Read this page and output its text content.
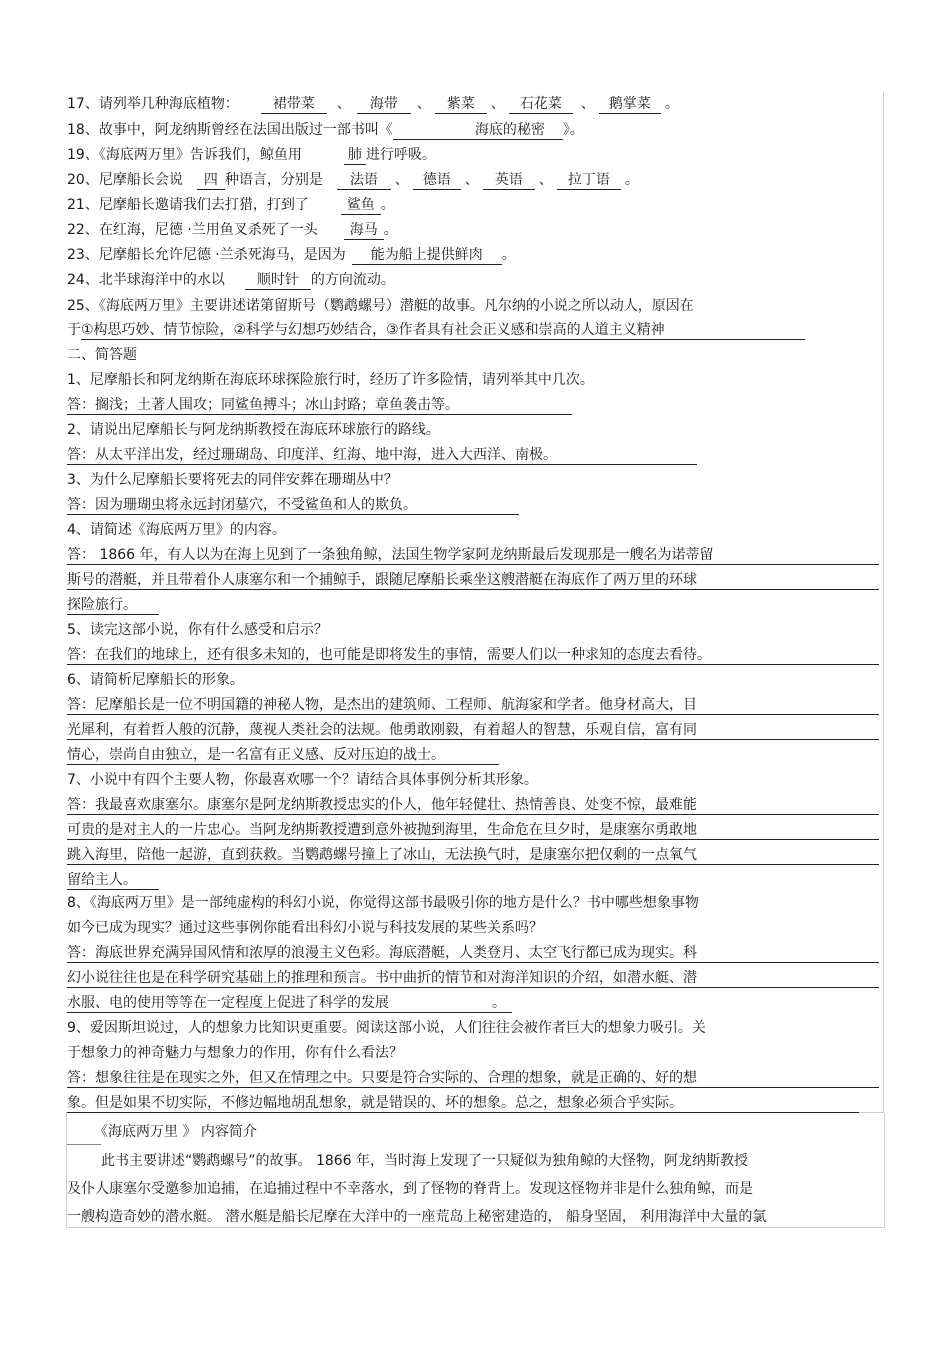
17、请列举几种海底植物： 裙带菜 、 海带 、 紫菜 、 石花菜 、 鹅掌菜 。
18、故事中，阿龙纳斯曾经在法国出版过一部书叫《	海底的秘密 》。
19、《海底两万里》告诉我们，鲸鱼用	肺 进行呼吸。
20、尼摩船长会说 四 种语言，分别是 法语 、 德语 、 英语 、 拉丁语 。
21、尼摩船长邀请我们去打猎，打到了	鲨鱼 。
22、在红海，尼德 ·兰用鱼叉杀死了一头 海马 。
23、尼摩船长允许尼德 ·兰杀死海马，是因为 能为船上提供鲜肉 。
24、北半球海洋中的水以 顺时针 的方向流动。
25、《海底两万里》主要讲述诺第留斯号（鹦鹉螺号）潜艇的故事。凡尔纳的小说之所以动人，原因在
于①构思巧妙、情节惊险，②科学与幻想巧妙结合，③作者具有社会正义感和崇高的人道主义精神
二、简答题
1、尼摩船长和阿龙纳斯在海底环球探险旅行时，经历了许多险情，请列举其中几次。
答：搁浅；土著人围攻；同鲨鱼搏斗；冰山封路；章鱼袭击等。
2、请说出尼摩船长与阿龙纳斯教授在海底环球旅行的路线。
答：从太平洋出发，经过珊瑚岛、印度洋、红海、地中海，进入大西洋、南极。
3、为什么尼摩船长要将死去的同伴安葬在珊瑚丛中？
答：因为珊瑚虫将永远封闭墓穴，不受鲨鱼和人的欺负。
4、请简述《海底两万里》的内容。
答： 1866 年，有人以为在海上见到了一条独角鲸，法国生物学家阿龙纳斯最后发现那是一艘名为诺蒂留
斯号的潜艇，并且带着仆人康塞尔和一个捕鲸手，跟随尼摩船长乘坐这艘潜艇在海底作了两万里的环球
探险旅行。
5、读完这部小说，你有什么感受和启示？
答：在我们的地球上，还有很多未知的，也可能是即将发生的事情，需要人们以一种求知的态度去看待。
6、请简析尼摩船长的形象。
答：尼摩船长是一位不明国籍的神秘人物，是杰出的建筑师、工程师、航海家和学者。他身材高大，目
光犀利，有着哲人般的沉静，蔑视人类社会的法规。他勇敢刚毅，有着超人的智慧，乐观自信，富有同
情心，崇尚自由独立，是一名富有正义感、反对压迫的战士。
7、小说中有四个主要人物，你最喜欢哪一个？请结合具体事例分析其形象。
答：我最喜欢康塞尔。康塞尔是阿龙纳斯教授忠实的仆人，他年轻健壮、热情善良、处变不惊，最难能
可贵的是对主人的一片忠心。当阿龙纳斯教授遭到意外被抛到海里，生命危在旦夕时，是康塞尔勇敢地
跳入海里，陪他一起游，直到获救。当鹦鹉螺号撞上了冰山，无法换气时，是康塞尔把仅剩的一点氧气
留给主人。
8、《海底两万里》是一部纯虚构的科幻小说，你觉得这部书最吸引你的地方是什么？书中哪些想象事物
如今已成为现实？通过这些事例你能看出科幻小说与科技发展的某些关系吗？
答：海底世界充满异国风情和浓厚的浪漫主义色彩。海底潜艇，人类登月、太空飞行都已成为现实。科
幻小说往往也是在科学研究基础上的推理和预言。书中曲折的情节和对海洋知识的介绍，如潜水艇、潜
水服、电的使用等等在一定程度上促进了科学的发展	。
9、爱因斯坦说过，人的想象力比知识更重要。阅读这部小说，人们往往会被作者巨大的想象力吸引。关
于想象力的神奇魅力与想象力的作用，你有什么看法？
答：想象往往是在现实之外，但又在情理之中。只要是符合实际的、合理的想象，就是正确的、好的想
象。但是如果不切实际，不修边幅地胡乱想象，就是错误的、坏的想象。总之，想象必须合乎实际。
《海底两万里 》 内容简介
此书主要讲述“鹦鹉螺号”的故事。 1866 年，当时海上发现了一只疑似为独角鲸的大怪物，阿龙纳斯教授
及仆人康塞尔受邀参加追捕，在追捕过程中不幸落水，到了怪物的脊背上。发现这怪物并非是什么独角鲸，而是
一艘构造奇妙的潜水艇。 潜水艇是船长尼摩在大洋中的一座荒岛上秘密建造的， 船身坚固， 利用海洋中大量的氯
